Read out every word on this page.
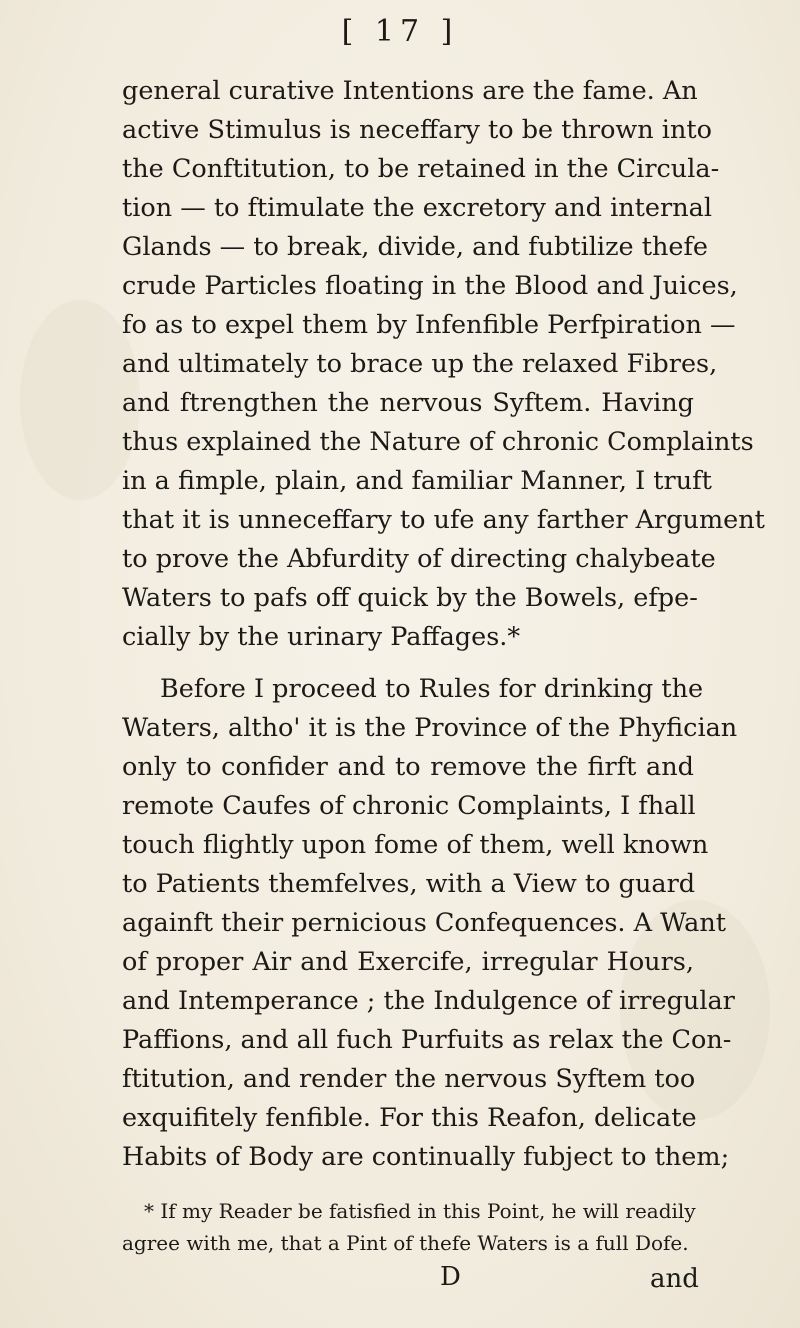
[ 17 ]
general curative Intentions are the fame. An
active Stimulus is neceffary to be thrown into
the Conftitution, to be retained in the Circula-
tion — to ftimulate the excretory and internal
Glands — to break, divide, and fubtilize thefe
crude Particles floating in the Blood and Juices,
fo as to expel them by Infenfible Perfpiration —
and ultimately to brace up the relaxed Fibres,
and ftrengthen the nervous Syftem. Having
thus explained the Nature of chronic Complaints
in a fimple, plain, and familiar Manner, I truft
that it is unneceffary to ufe any farther Argument
to prove the Abfurdity of directing chalybeate
Waters to pafs off quick by the Bowels, efpe-
cially by the urinary Paffages.*
Before I proceed to Rules for drinking the
Waters, altho' it is the Province of the Phyfician
only to confider and to remove the firft and
remote Caufes of chronic Complaints, I fhall
touch flightly upon fome of them, well known
to Patients themfelves, with a View to guard
againft their pernicious Confequences. A Want
of proper Air and Exercife, irregular Hours,
and Intemperance ; the Indulgence of irregular
Paffions, and all fuch Purfuits as relax the Con-
ftitution, and render the nervous Syftem too
exquifitely fenfible. For this Reafon, delicate
Habits of Body are continually fubject to them;
* If my Reader be fatisfied in this Point, he will readily
agree with me, that a Pint of thefe Waters is a full Dofe.
D	and
